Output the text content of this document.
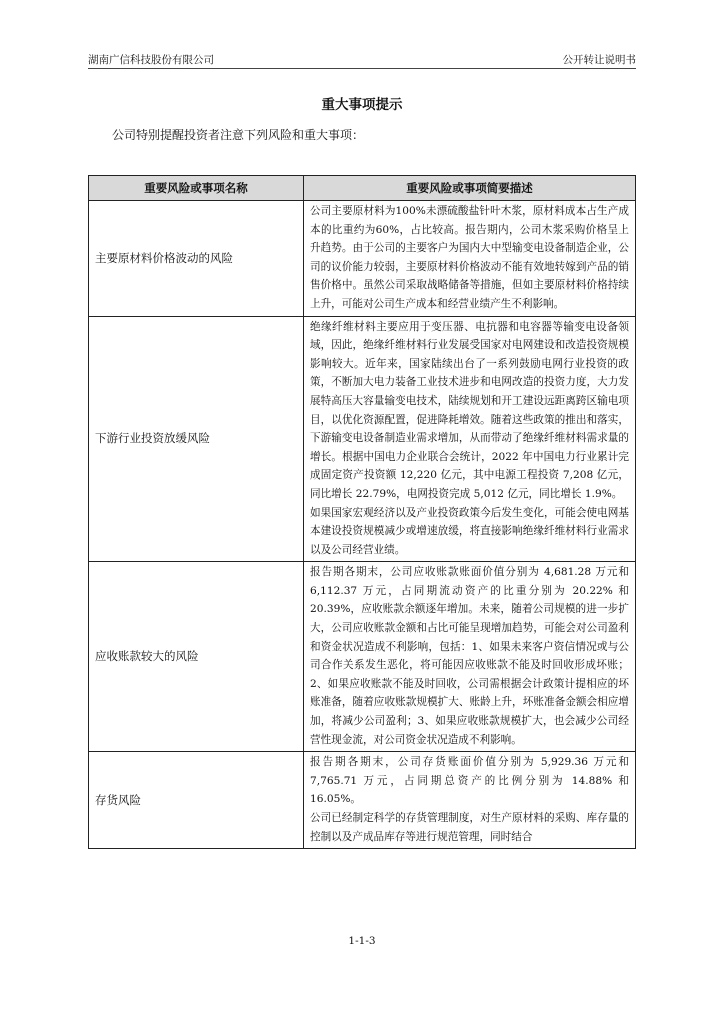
湖南广信科技股份有限公司	公开转让说明书
重大事项提示
公司特别提醒投资者注意下列风险和重大事项：
重要风险或事项名称	重要风险或事项简要描述
主要原材料价格波动的风险	公司主要原材料为100%未漂硫酸盐针叶木浆，原材料成本占生产成本的比重约为60%，占比较高。报告期内，公司木浆采购价格呈上升趋势。由于公司的主要客户为国内大中型输变电设备制造企业，公司的议价能力较弱，主要原材料价格波动不能有效地转嫁到产品的销售价格中。虽然公司采取战略储备等措施，但如主要原材料价格持续上升，可能对公司生产成本和经营业绩产生不利影响。

下游行业投资放缓风险	绝缘纤维材料主要应用于变压器、电抗器和电容器等输变电设备领域，因此，绝缘纤维材料行业发展受国家对电网建设和改造投资规模影响较大。近年来，国家陆续出台了一系列鼓励电网行业投资的政策，不断加大电力装备工业技术进步和电网改造的投资力度，大力发展特高压大容量输变电技术，陆续规划和开工建设远距离跨区输电项目，以优化资源配置，促进降耗增效。随着这些政策的推出和落实，下游输变电设备制造业需求增加，从而带动了绝缘纤维材料需求量的增长。根据中国电力企业联合会统计，2022 年中国电力行业累计完成固定资产投资额 12,220 亿元，其中电源工程投资 7,208 亿元，同比增长 22.79%，电网投资完成 5,012 亿元，同比增长 1.9%。

如果国家宏观经济以及产业投资政策今后发生变化，可能会使电网基本建设投资规模减少或增速放缓，将直接影响绝缘纤维材料行业需求以及公司经营业绩。

应收账款较大的风险	报告期各期末，公司应收账款账面价值分别为 4,681.28 万元和 6,112.37 万元，占同期流动资产的比重分别为 20.22% 和 20.39%，应收账款余额逐年增加。未来，随着公司规模的进一步扩大，公司应收账款金额和占比可能呈现增加趋势，可能会对公司盈利和资金状况造成不利影响，包括：1、如果未来客户资信情况或与公司合作关系发生恶化，将可能因应收账款不能及时回收形成坏账；2、如果应收账款不能及时回收，公司需根据会计政策计提相应的坏账准备，随着应收账款规模扩大、账龄上升，坏账准备金额会相应增加，将减少公司盈利；3、如果应收账款规模扩大，也会减少公司经营性现金流，对公司资金状况造成不利影响。

存货风险	报告期各期末，公司存货账面价值分别为 5,929.36 万元和 7,765.71 万元，占同期总资产的比例分别为 14.88% 和 16.05%。

公司已经制定科学的存货管理制度，对生产原材料的采购、库存量的控制以及产成品库存等进行规范管理，同时结合

1-1-3
